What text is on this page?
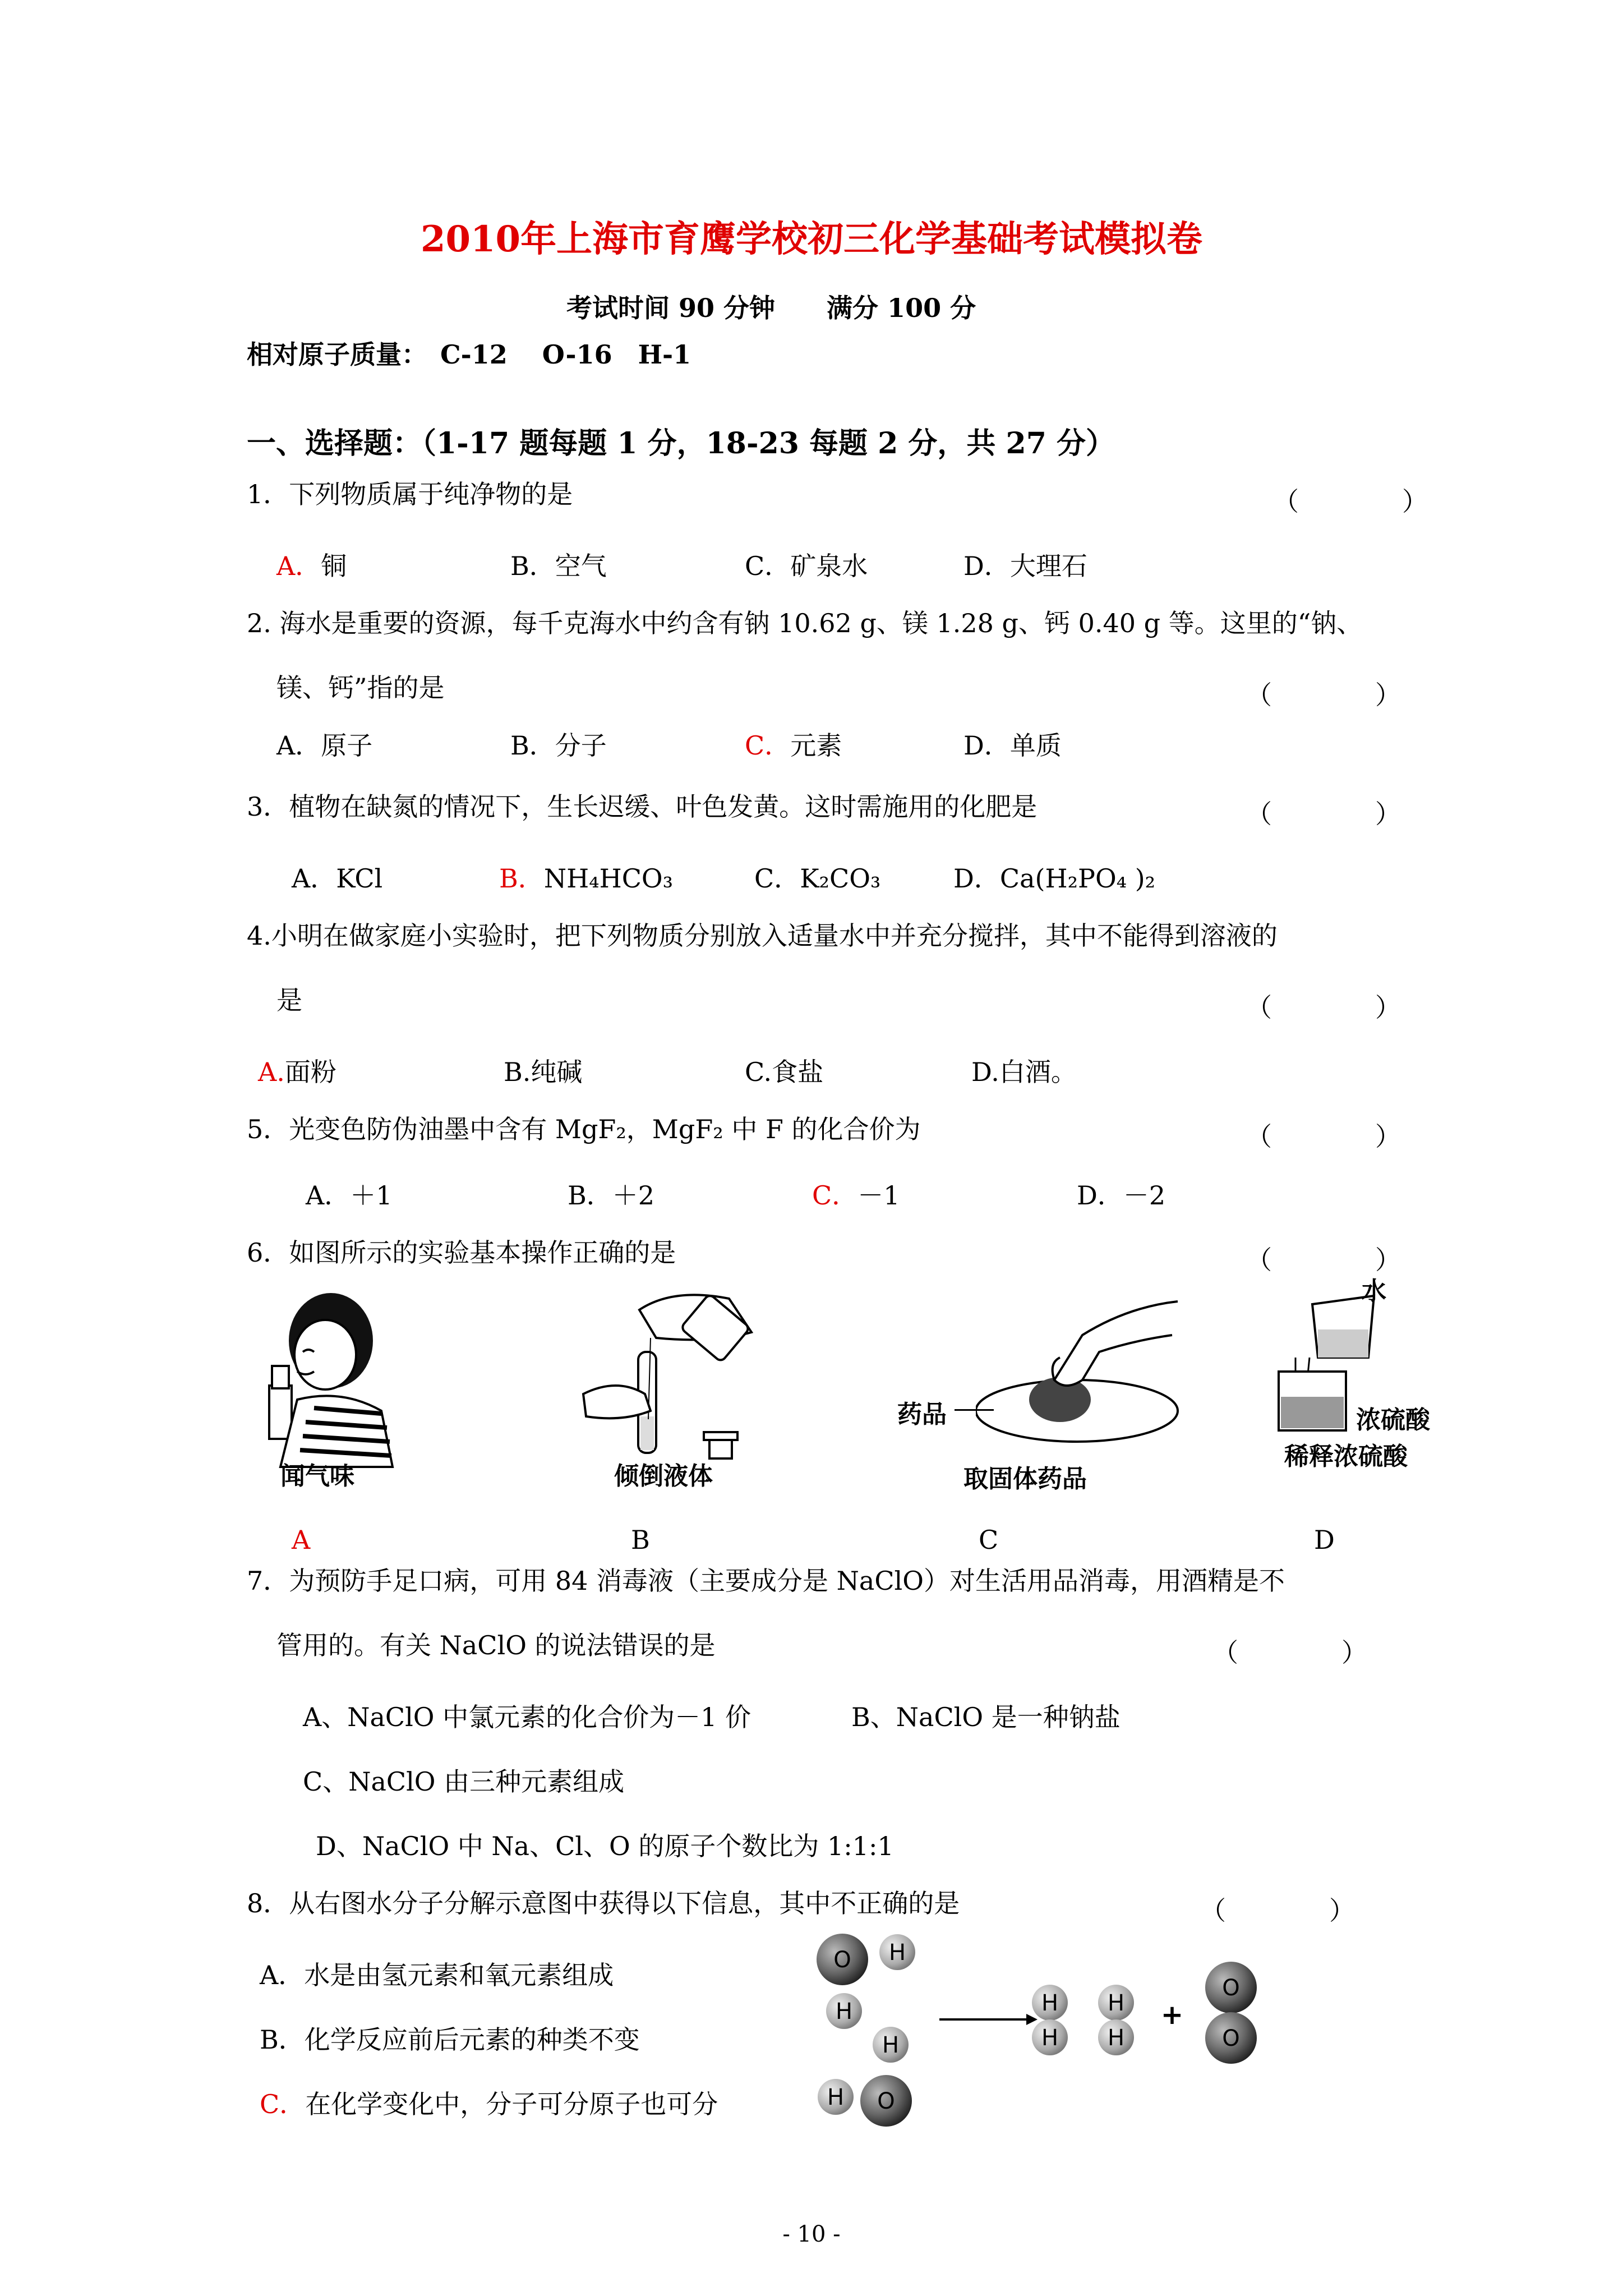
2010年上海市育鹰学校初三化学基础考试模拟卷
考试时间 90 分钟　　满分 100 分
相对原子质量：　C-12　 O-16　H-1
一、选择题：（1-17 题每题 1 分，18-23 每题 2 分，共 27 分）
1．下列物质属于纯净物的是	（　　　　）
A．铜	B．空气	C．矿泉水	D．大理石
2. 海水是重要的资源，每千克海水中约含有钠 10.62 g、镁 1.28 g、钙 0.40 g 等。这里的“钠、
镁、钙”指的是	（　　　　）
A．原子	B．分子	C．元素	D．单质
3．植物在缺氮的情况下，生长迟缓、叶色发黄。这时需施用的化肥是	（　　　　）
A．KCl	B．NH₄HCO₃	C．K₂CO₃	D．Ca(H₂PO₄ )₂
4.小明在做家庭小实验时，把下列物质分别放入适量水中并充分搅拌，其中不能得到溶液的
是	（　　　　）
A.面粉	B.纯碱	C.食盐	D.白酒。
5．光变色防伪油墨中含有 MgF₂，MgF₂ 中 F 的化合价为	（　　　　）
A．＋1	B．＋2	C．－1	D．－2
6．如图所示的实验基本操作正确的是	（　　　　）
闻气味	倾倒液体
药品
取固体药品
水
浓硫酸
稀释浓硫酸
A	B	C	D
7．为预防手足口病，可用 84 消毒液（主要成分是 NaClO）对生活用品消毒，用酒精是不
管用的。有关 NaClO 的说法错误的是	（　　　　）
A、NaClO 中氯元素的化合价为－1 价	B、NaClO 是一种钠盐
C、NaClO 由三种元素组成
D、NaClO 中 Na、Cl、O 的原子个数比为 1:1:1
8．从右图水分子分解示意图中获得以下信息，其中不正确的是	（　　　　）
A．水是由氢元素和氧元素组成
B．化学反应前后元素的种类不变
C．在化学变化中，分子可分原子也可分
O H
H
H
H O
H
H
H
H
+
O
O
- 10 -
